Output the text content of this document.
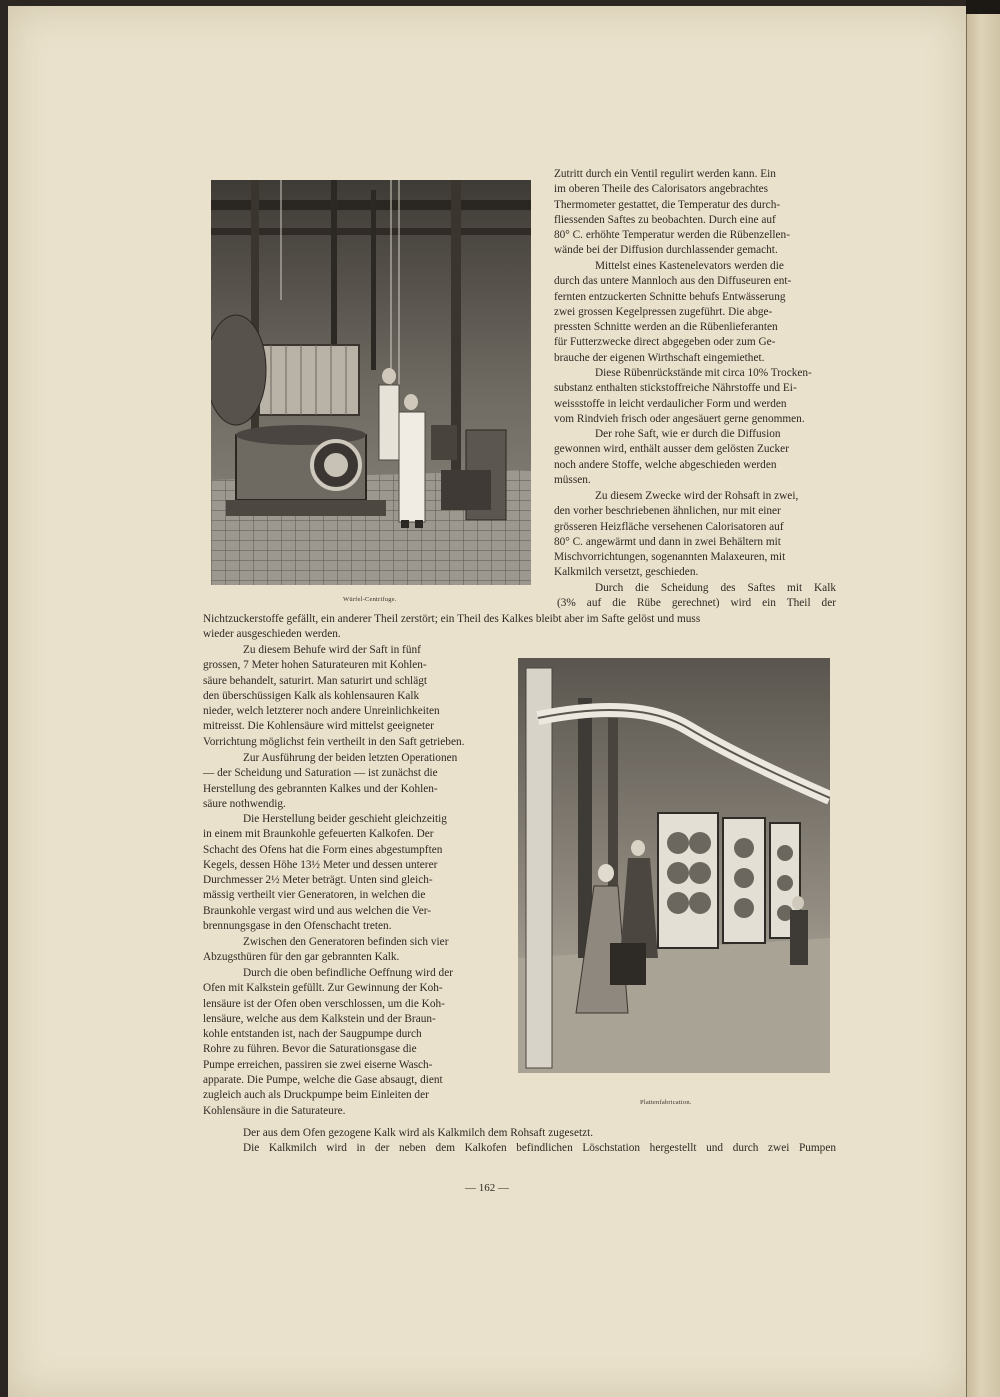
Würfel-Centrifuge.

Zutritt durch ein Ventil regulirt werden kann. Ein
im oberen Theile des Calorisators angebrachtes
Thermometer gestattet, die Temperatur des durch-
fliessenden Saftes zu beobachten. Durch eine auf
80° C. erhöhte Temperatur werden die Rübenzellen-
wände bei der Diffusion durchlassender gemacht.
Mittelst eines Kastenelevators werden die
durch das untere Mannloch aus den Diffuseuren ent-
fernten entzuckerten Schnitte behufs Entwässerung
zwei grossen Kegelpressen zugeführt. Die abge-
pressten Schnitte werden an die Rübenlieferanten
für Futterzwecke direct abgegeben oder zum Ge-
brauche der eigenen Wirthschaft eingemiethet.
Diese Rübenrückstände mit circa 10% Trocken-
substanz enthalten stickstoffreiche Nährstoffe und Ei-
weissstoffe in leicht verdaulicher Form und werden
vom Rindvieh frisch oder angesäuert gerne genommen.
Der rohe Saft, wie er durch die Diffusion
gewonnen wird, enthält ausser dem gelösten Zucker
noch andere Stoffe, welche abgeschieden werden
müssen.
Zu diesem Zwecke wird der Rohsaft in zwei,
den vorher beschriebenen ähnlichen, nur mit einer
grösseren Heizfläche versehenen Calorisatoren auf
80° C. angewärmt und dann in zwei Behältern mit
Mischvorrichtungen, sogenannten Malaxeuren, mit
Kalkmilch versetzt, geschieden.
Durch die Scheidung des Saftes mit Kalk
(3% auf die Rübe gerechnet) wird ein Theil der
Nichtzuckerstoffe gefällt, ein anderer Theil zerstört; ein Theil des Kalkes bleibt aber im Safte gelöst und muss
wieder ausgeschieden werden.
Zu diesem Behufe wird der Saft in fünf
grossen, 7 Meter hohen Saturateuren mit Kohlen-
säure behandelt, saturirt. Man saturirt und schlägt
den überschüssigen Kalk als kohlensauren Kalk
nieder, welch letzterer noch andere Unreinlichkeiten
mitreisst. Die Kohlensäure wird mittelst geeigneter
Vorrichtung möglichst fein vertheilt in den Saft getrieben.
Zur Ausführung der beiden letzten Operationen
— der Scheidung und Saturation — ist zunächst die
Herstellung des gebrannten Kalkes und der Kohlen-
säure nothwendig.
Die Herstellung beider geschieht gleichzeitig
in einem mit Braunkohle gefeuerten Kalkofen. Der
Schacht des Ofens hat die Form eines abgestumpften
Kegels, dessen Höhe 13½ Meter und dessen unterer
Durchmesser 2½ Meter beträgt. Unten sind gleich-
mässig vertheilt vier Generatoren, in welchen die
Braunkohle vergast wird und aus welchen die Ver-
brennungsgase in den Ofenschacht treten.
Zwischen den Generatoren befinden sich vier
Abzugsthüren für den gar gebrannten Kalk.
Durch die oben befindliche Oeffnung wird der
Ofen mit Kalkstein gefüllt. Zur Gewinnung der Koh-
lensäure ist der Ofen oben verschlossen, um die Koh-
lensäure, welche aus dem Kalkstein und der Braun-
kohle entstanden ist, nach der Saugpumpe durch
Rohre zu führen. Bevor die Saturationsgase die
Pumpe erreichen, passiren sie zwei eiserne Wasch-
apparate. Die Pumpe, welche die Gase absaugt, dient
zugleich auch als Druckpumpe beim Einleiten der
Kohlensäure in die Saturateure.

Plattenfabrication.

Der aus dem Ofen gezogene Kalk wird als Kalkmilch dem Rohsaft zugesetzt.
Die Kalkmilch wird in der neben dem Kalkofen befindlichen Löschstation hergestellt und durch zwei Pumpen
— 162 —
